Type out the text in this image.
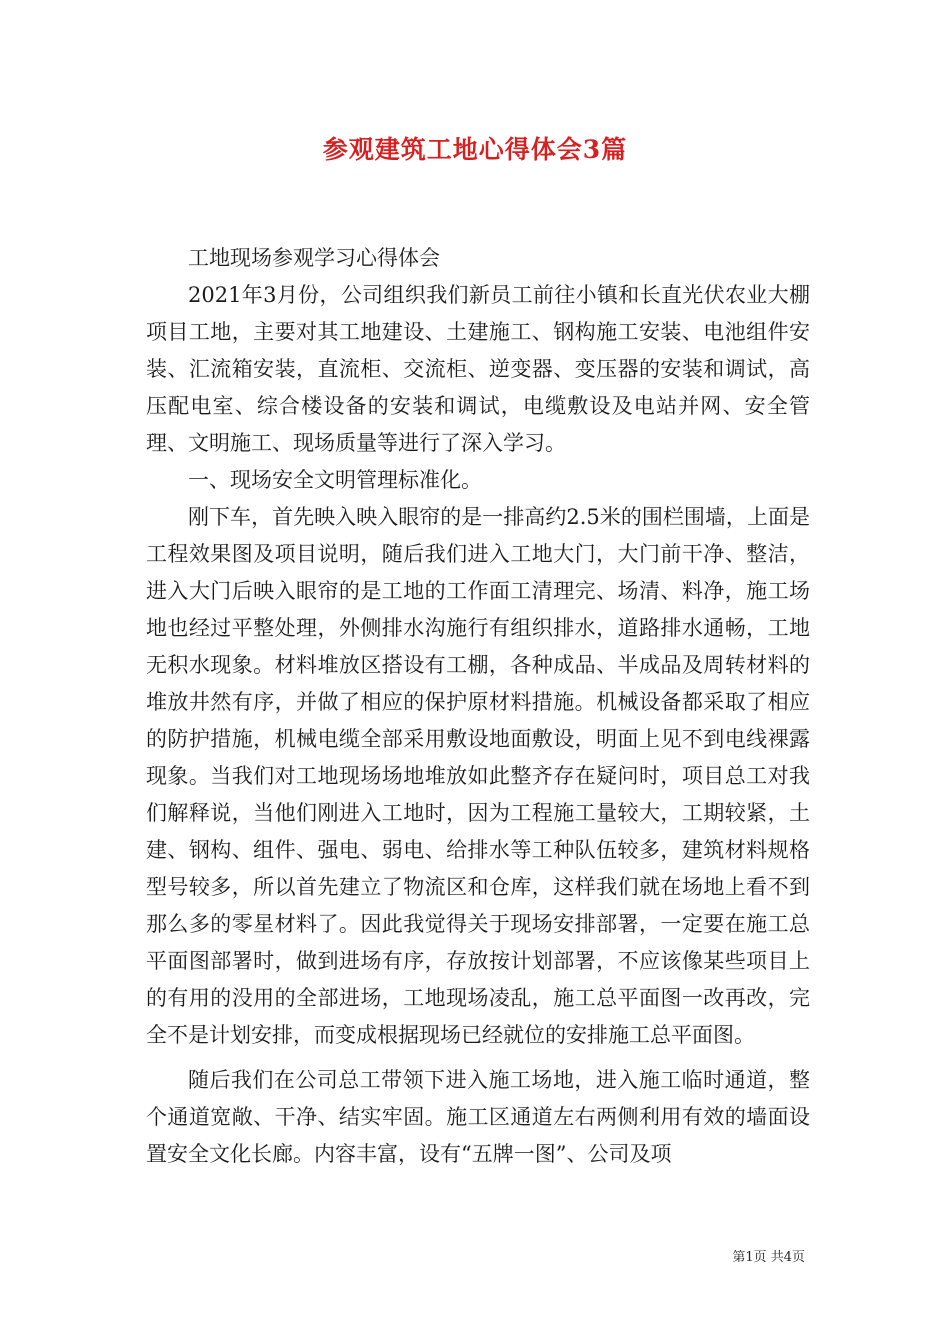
参观建筑工地心得体会3篇

工地现场参观学习心得体会

2021年3月份，公司组织我们新员工前往小镇和长直光伏农业大棚项目工地，主要对其工地建设、土建施工、钢构施工安装、电池组件安装、汇流箱安装，直流柜、交流柜、逆变器、变压器的安装和调试，高压配电室、综合楼设备的安装和调试，电缆敷设及电站并网、安全管理、文明施工、现场质量等进行了深入学习。

一、现场安全文明管理标准化。

刚下车，首先映入映入眼帘的是一排高约2.5米的围栏围墙，上面是工程效果图及项目说明，随后我们进入工地大门，大门前干净、整洁，进入大门后映入眼帘的是工地的工作面工清理完、场清、料净，施工场地也经过平整处理，外侧排水沟施行有组织排水，道路排水通畅，工地无积水现象。材料堆放区搭设有工棚，各种成品、半成品及周转材料的堆放井然有序，并做了相应的保护原材料措施。机械设备都采取了相应的防护措施，机械电缆全部采用敷设地面敷设，明面上见不到电线裸露现象。当我们对工地现场场地堆放如此整齐存在疑问时，项目总工对我们解释说，当他们刚进入工地时，因为工程施工量较大，工期较紧，土建、钢构、组件、强电、弱电、给排水等工种队伍较多，建筑材料规格型号较多，所以首先建立了物流区和仓库，这样我们就在场地上看不到那么多的零星材料了。因此我觉得关于现场安排部署，一定要在施工总平面图部署时，做到进场有序，存放按计划部署，不应该像某些项目上的有用的没用的全部进场，工地现场凌乱，施工总平面图一改再改，完全不是计划安排，而变成根据现场已经就位的安排施工总平面图。

随后我们在公司总工带领下进入施工场地，进入施工临时通道，整个通道宽敞、干净、结实牢固。施工区通道左右两侧利用有效的墙面设置安全文化长廊。内容丰富，设有“五牌一图”、公司及项

第1页 共4页
